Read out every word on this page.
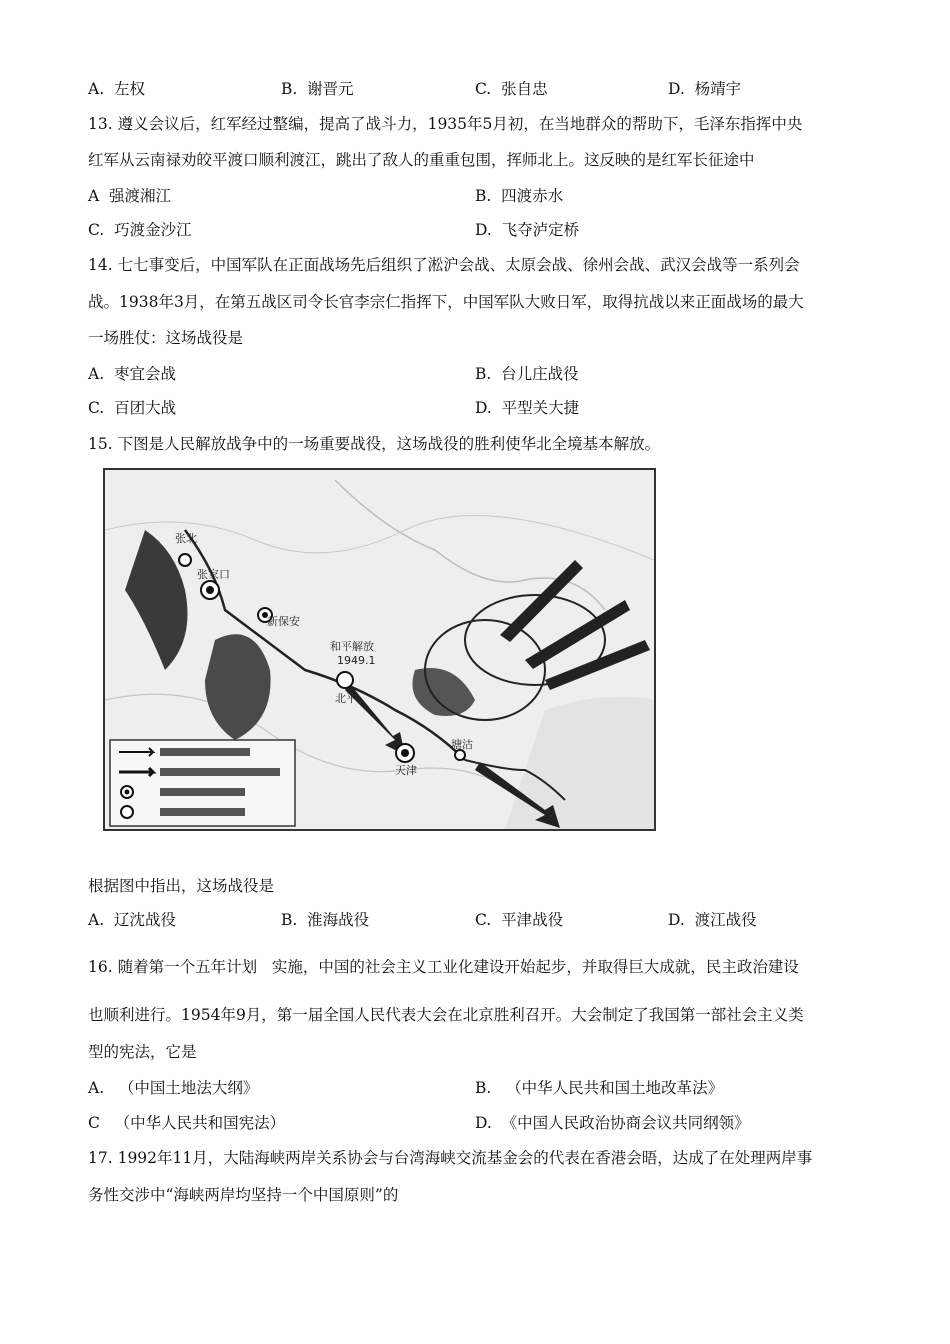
A.  左权	B.  谢晋元	C.  张自忠	D.  杨靖宇
13. 遵义会议后，红军经过整编，提高了战斗力，1935年5月初，在当地群众的帮助下，毛泽东指挥中央
红军从云南禄劝皎平渡口顺利渡江，跳出了敌人的重重包围，挥师北上。这反映的是红军长征途中
A  强渡湘江	B.  四渡赤水
C.  巧渡金沙江	D.  飞夺泸定桥
14. 七七事变后，中国军队在正面战场先后组织了淞沪会战、太原会战、徐州会战、武汉会战等一系列会
战。1938年3月，在第五战区司令长官李宗仁指挥下，中国军队大败日军，取得抗战以来正面战场的最大
一场胜仗：这场战役是
A.  枣宜会战	B.  台儿庄战役
C.  百团大战	D.  平型关大捷
15. 下图是人民解放战争中的一场重要战役，这场战役的胜利使华北全境基本解放。
张北
张家口
新保安
北平
天津
塘沽
和平解放
1949.1
根据图中指出，这场战役是
A.  辽沈战役	B.  淮海战役	C.  平津战役	D.  渡江战役
16. 随着第一个五年计划   实施，中国的社会主义工业化建设开始起步，并取得巨大成就，民主政治建设
也顺利进行。1954年9月，第一届全国人民代表大会在北京胜利召开。大会制定了我国第一部社会主义类
型的宪法，它是
A.   （中国土地法大纲》	B.   （中华人民共和国土地改革法》
C   （中华人民共和国宪法）	D.  《中国人民政治协商会议共同纲领》
17. 1992年11月，大陆海峡两岸关系协会与台湾海峡交流基金会的代表在香港会晤，达成了在处理两岸事
务性交涉中“海峡两岸均坚持一个中国原则”的
